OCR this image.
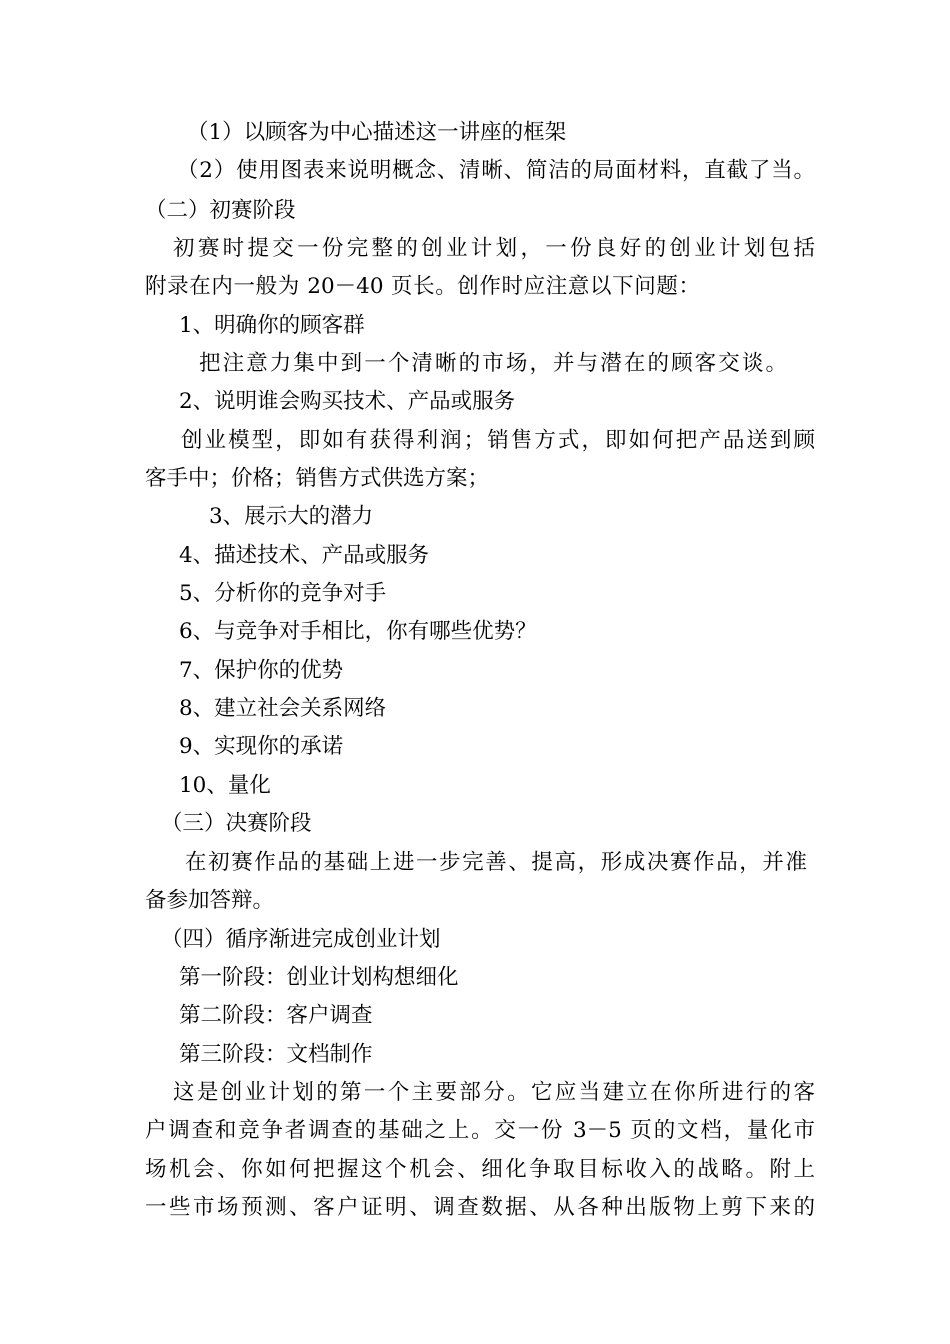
（1）以顾客为中心描述这一讲座的框架
（2）使用图表来说明概念、清晰、简洁的局面材料，直截了当。
（二）初赛阶段
初赛时提交一份完整的创业计划，一份良好的创业计划包括
附录在内一般为 20－40 页长。创作时应注意以下问题：
1、明确你的顾客群
把注意力集中到一个清晰的市场，并与潜在的顾客交谈。
2、说明谁会购买技术、产品或服务
创业模型，即如有获得利润；销售方式，即如何把产品送到顾
客手中；价格；销售方式供选方案；
3、展示大的潜力
4、描述技术、产品或服务
5、分析你的竞争对手
6、与竞争对手相比，你有哪些优势？
7、保护你的优势
8、建立社会关系网络
9、实现你的承诺
10、量化
（三）决赛阶段
在初赛作品的基础上进一步完善、提高，形成决赛作品，并准
备参加答辩。
（四）循序渐进完成创业计划
第一阶段：创业计划构想细化
第二阶段：客户调查
第三阶段：文档制作
这是创业计划的第一个主要部分。它应当建立在你所进行的客
户调查和竞争者调查的基础之上。交一份 3－5 页的文档，量化市
场机会、你如何把握这个机会、细化争取目标收入的战略。附上
一些市场预测、客户证明、调查数据、从各种出版物上剪下来的
